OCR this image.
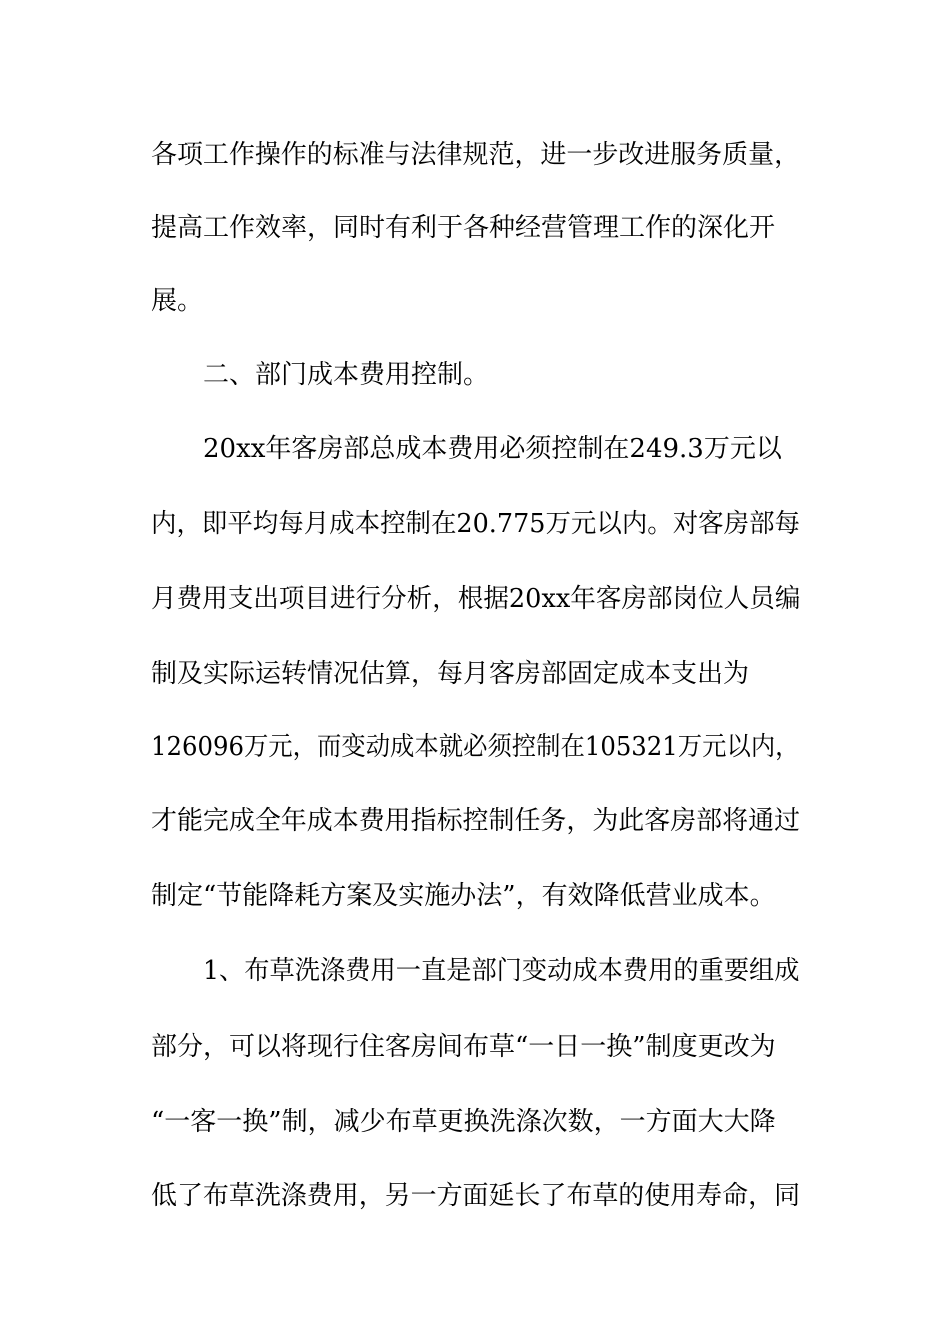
各项工作操作的标准与法律规范，进一步改进服务质量，
提高工作效率，同时有利于各种经营管理工作的深化开
展。
二、部门成本费用控制。
20xx年客房部总成本费用必须控制在249.3万元以
内，即平均每月成本控制在20.775万元以内。对客房部每
月费用支出项目进行分析，根据20xx年客房部岗位人员编
制及实际运转情况估算，每月客房部固定成本支出为
126096万元，而变动成本就必须控制在105321万元以内，
才能完成全年成本费用指标控制任务，为此客房部将通过
制定“节能降耗方案及实施办法”，有效降低营业成本。
1、布草洗涤费用一直是部门变动成本费用的重要组成
部分，可以将现行住客房间布草“一日一换”制度更改为
“一客一换”制，减少布草更换洗涤次数，一方面大大降
低了布草洗涤费用，另一方面延长了布草的使用寿命，同
